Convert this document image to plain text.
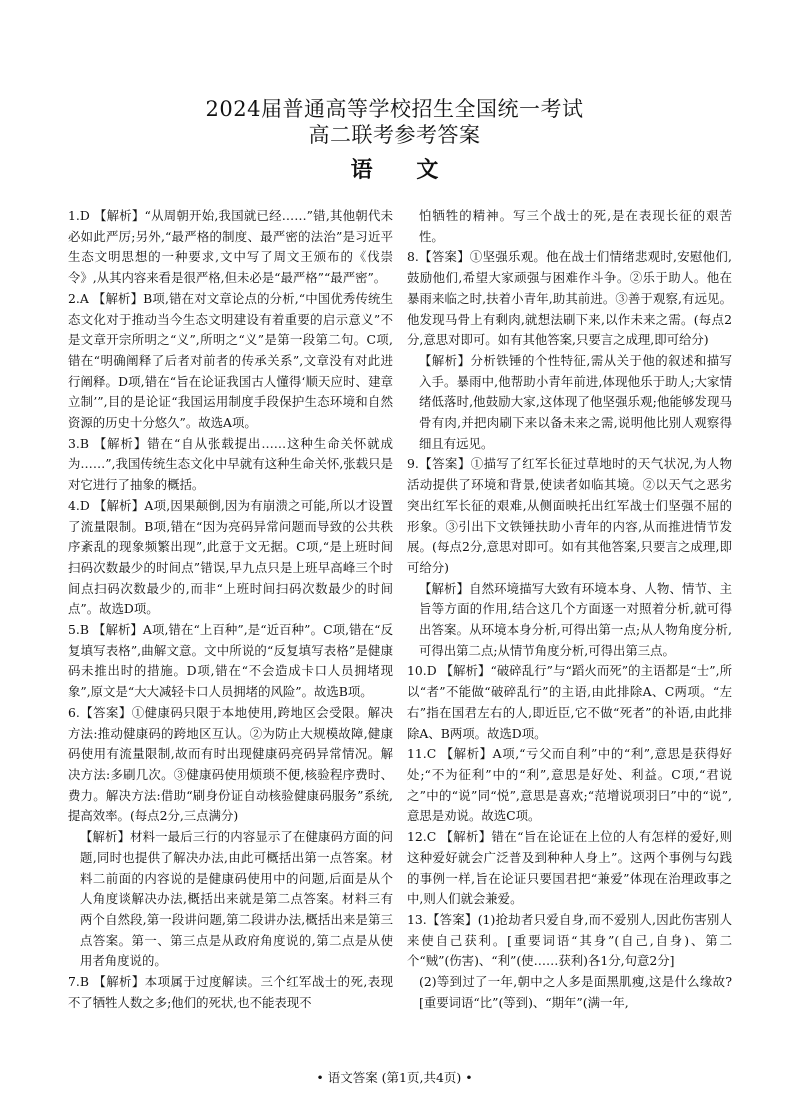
2024届普通高等学校招生全国统一考试
高二联考参考答案
语 文

1.D 【解析】“从周朝开始,我国就已经……”错,其他朝代未必如此严厉;另外,“最严格的制度、最严密的法治”是习近平生态文明思想的一种要求,文中写了周文王颁布的《伐崇令》,从其内容来看是很严格,但未必是“最严格”“最严密”。

2.A 【解析】B项,错在对文章论点的分析,“中国优秀传统生态文化对于推动当今生态文明建设有着重要的启示意义”不是文章开宗所明之“义”,所明之“义”是第一段第二句。C项,错在“明确阐释了后者对前者的传承关系”,文章没有对此进行阐释。D项,错在“旨在论证我国古人懂得‘顺天应时、建章立制’”,目的是论证“我国运用制度手段保护生态环境和自然资源的历史十分悠久”。故选A项。

3.B 【解析】错在“自从张载提出……这种生命关怀就成为……”,我国传统生态文化中早就有这种生命关怀,张载只是对它进行了抽象的概括。

4.D 【解析】A项,因果颠倒,因为有崩溃之可能,所以才设置了流量限制。B项,错在“因为亮码异常问题而导致的公共秩序紊乱的现象频繁出现”,此意于文无据。C项,“是上班时间扫码次数最少的时间点”错误,早九点只是上班早高峰三个时间点扫码次数最少的,而非“上班时间扫码次数最少的时间点”。故选D项。

5.B 【解析】A项,错在“上百种”,是“近百种”。C项,错在“反复填写表格”,曲解文意。文中所说的“反复填写表格”是健康码未推出时的措施。D项,错在“不会造成卡口人员拥堵现象”,原文是“大大减轻卡口人员拥堵的风险”。故选B项。

6.【答案】①健康码只限于本地使用,跨地区会受限。解决方法:推动健康码的跨地区互认。②为防止大规模故障,健康码使用有流量限制,故而有时出现健康码亮码异常情况。解决方法:多刷几次。③健康码使用烦琐不便,核验程序费时、费力。解决方法:借助“刷身份证自动核验健康码服务”系统,提高效率。(每点2分,三点满分)

【解析】材料一最后三行的内容显示了在健康码方面的问题,同时也提供了解决办法,由此可概括出第一点答案。材料二前面的内容说的是健康码使用中的问题,后面是从个人角度谈解决办法,概括出来就是第二点答案。材料三有两个自然段,第一段讲问题,第二段讲办法,概括出来是第三点答案。第一、第三点是从政府角度说的,第二点是从使用者角度说的。

7.B 【解析】本项属于过度解读。三个红军战士的死,表现不了牺牲人数之多;他们的死状,也不能表现不

怕牺牲的精神。写三个战士的死,是在表现长征的艰苦性。

8.【答案】①坚强乐观。他在战士们情绪悲观时,安慰他们,鼓励他们,希望大家顽强与困难作斗争。②乐于助人。他在暴雨来临之时,扶着小青年,助其前进。③善于观察,有远见。他发现马骨上有剩肉,就想法刷下来,以作未来之需。(每点2分,意思对即可。如有其他答案,只要言之成理,即可给分)

【解析】分析铁锤的个性特征,需从关于他的叙述和描写入手。暴雨中,他帮助小青年前进,体现他乐于助人;大家情绪低落时,他鼓励大家,这体现了他坚强乐观;他能够发现马骨有肉,并把肉刷下来以备未来之需,说明他比别人观察得细且有远见。

9.【答案】①描写了红军长征过草地时的天气状况,为人物活动提供了环境和背景,使读者如临其境。②以天气之恶劣突出红军长征的艰难,从侧面映托出红军战士们坚强不屈的形象。③引出下文铁锤扶助小青年的内容,从而推进情节发展。(每点2分,意思对即可。如有其他答案,只要言之成理,即可给分)

【解析】自然环境描写大致有环境本身、人物、情节、主旨等方面的作用,结合这几个方面逐一对照着分析,就可得出答案。从环境本身分析,可得出第一点;从人物角度分析,可得出第二点;从情节角度分析,可得出第三点。

10.D 【解析】“破碎乱行”与“蹈火而死”的主语都是“士”,所以“者”不能做“破碎乱行”的主语,由此排除A、C两项。“左右”指在国君左右的人,即近臣,它不做“死者”的补语,由此排除A、B两项。故选D项。

11.C 【解析】A项,“亏父而自利”中的“利”,意思是获得好处;“不为征利”中的“利”,意思是好处、利益。C项,“君说之”中的“说”同“悦”,意思是喜欢;“范增说项羽曰”中的“说”,意思是劝说。故选C项。

12.C 【解析】错在“旨在论证在上位的人有怎样的爱好,则这种爱好就会广泛普及到种种人身上”。这两个事例与勾践的事例一样,旨在论证只要国君把“兼爱”体现在治理政事之中,则人们就会兼爱。

13.【答案】(1)抢劫者只爱自身,而不爱别人,因此伤害别人来使自己获利。[重要词语“其身”(自己,自身)、第二个“贼”(伤害)、“利”(使……获利)各1分,句意2分]

(2)等到过了一年,朝中之人多是面黑肌瘦,这是什么缘故?[重要词语“比”(等到)、“期年”(满一年,

• 语文答案 (第1页,共4页) •
